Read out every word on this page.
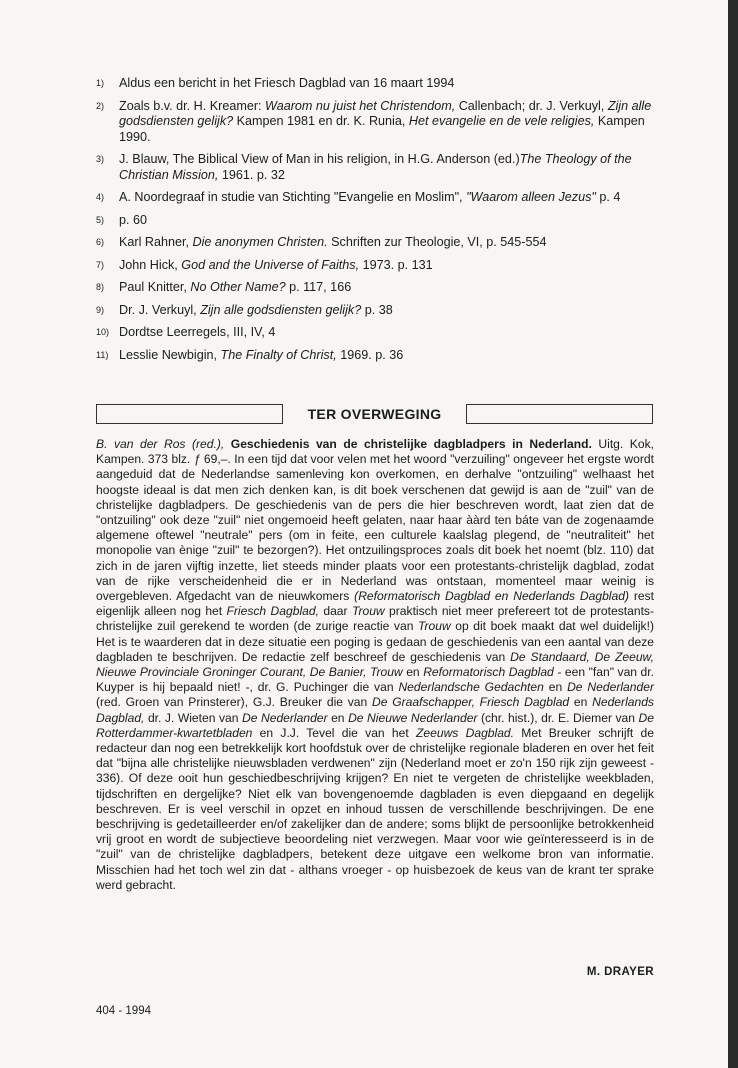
1)	Aldus een bericht in het Friesch Dagblad van 16 maart 1994
2)	Zoals b.v. dr. H. Kreamer: Waarom nu juist het Christendom, Callenbach; dr. J. Verkuyl, Zijn alle godsdiensten gelijk? Kampen 1981 en dr. K. Runia, Het evangelie en de vele religies, Kampen 1990.
3)	J. Blauw, The Biblical View of Man in his religion, in H.G. Anderson (ed.)The Theology of the Christian Mission, 1961. p. 32
4)	A. Noordegraaf in studie van Stichting "Evangelie en Moslim", "Waarom alleen Jezus" p. 4
5)	p. 60
6)	Karl Rahner, Die anonymen Christen. Schriften zur Theologie, VI, p. 545-554
7)	John Hick, God and the Universe of Faiths, 1973. p. 131
8)	Paul Knitter, No Other Name? p. 117, 166
9)	Dr. J. Verkuyl, Zijn alle godsdiensten gelijk? p. 38
10) Dordtse Leerregels, III, IV, 4
11) Lesslie Newbigin, The Finalty of Christ, 1969. p. 36
TER OVERWEGING

B. van der Ros (red.), Geschiedenis van de christelijke dagbladpers in Nederland. Uitg. Kok, Kampen. 373 blz. ƒ 69,–. In een tijd dat voor velen met het woord "verzuiling" ongeveer het ergste wordt aangeduid dat de Nederlandse samenleving kon overkomen, en derhalve "ontzuiling" welhaast het hoogste ideaal is dat men zich denken kan, is dit boek verschenen dat gewijd is aan de "zuil" van de christelijke dagbladpers. De geschiedenis van de pers die hier beschreven wordt, laat zien dat de "ontzuiling" ook deze "zuil" niet ongemoeid heeft gelaten, naar haar ààrd ten báte van de zogenaamde algemene oftewel "neutrale" pers (om in feite, een culturele kaalslag plegend, de "neutraliteit" het monopolie van ènige "zuil" te bezorgen?). Het ontzuilingsproces zoals dit boek het noemt (blz. 110) dat zich in de jaren vijftig inzette, liet steeds minder plaats voor een protestants-christelijk dagblad, zodat van de rijke verscheidenheid die er in Nederland was ontstaan, momenteel maar weinig is overgebleven. Afgedacht van de nieuwkomers (Reformatorisch Dagblad en Nederlands Dagblad) rest eigenlijk alleen nog het Friesch Dagblad, daar Trouw praktisch niet meer prefereert tot de protestants-christelijke zuil gerekend te worden (de zurige reactie van Trouw op dit boek maakt dat wel duidelijk!) Het is te waarderen dat in deze situatie een poging is gedaan de geschiedenis van een aantal van deze dagbladen te beschrijven. De redactie zelf beschreef de geschiedenis van De Standaard, De Zeeuw, Nieuwe Provinciale Groninger Courant, De Banier, Trouw en Reformatorisch Dagblad - een "fan" van dr. Kuyper is hij bepaald niet! -, dr. G. Puchinger die van Nederlandsche Gedachten en De Nederlander (red. Groen van Prinsterer), G.J. Breuker die van De Graafschapper, Friesch Dagblad en Nederlands Dagblad, dr. J. Wieten van De Nederlander en De Nieuwe Nederlander (chr. hist.), dr. E. Diemer van De Rotterdammer-kwartetbladen en J.J. Tevel die van het Zeeuws Dagblad. Met Breuker schrijft de redacteur dan nog een betrekkelijk kort hoofdstuk over de christelijke regionale bladeren en over het feit dat "bijna alle christelijke nieuwsbladen verdwenen" zijn (Nederland moet er zo'n 150 rijk zijn geweest - 336). Of deze ooit hun geschiedbeschrijving krijgen? En niet te vergeten de christelijke weekbladen, tijdschriften en dergelijke? Niet elk van bovengenoemde dagbladen is even diepgaand en degelijk beschreven. Er is veel verschil in opzet en inhoud tussen de verschillende beschrijvingen. De ene beschrijving is gedetailleerder en/of zakelijker dan de andere; soms blijkt de persoonlijke betrokkenheid vrij groot en wordt de subjectieve beoordeling niet verzwegen. Maar voor wie geïnteresseerd is in de "zuil" van de christelijke dagbladpers, betekent deze uitgave een welkome bron van informatie. Misschien had het toch wel zin dat - althans vroeger - op huisbezoek de keus van de krant ter sprake werd gebracht.

M. DRAYER
404 - 1994
